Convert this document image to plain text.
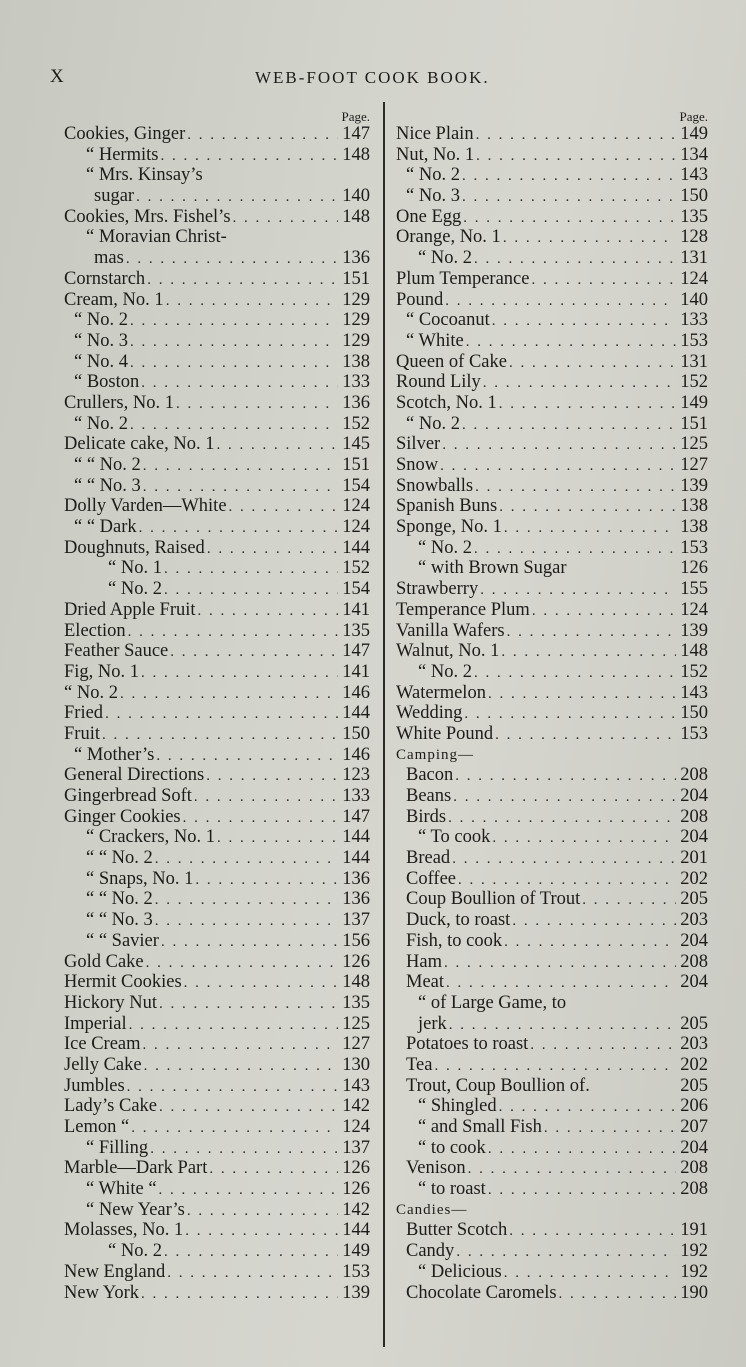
X	WEB-FOOT COOK BOOK.
Page.
Cookies, Ginger . . .	147
“ Hermits . . .	148
“ Mrs. Kinsay’s
sugar . . .	140
Cookies, Mrs. Fishel’s . . .	148
“ Moravian Christ-
mas . . .	136
Cornstarch . . .	151
Cream, No. 1 . . .	129
“ No. 2 . . .	129
“ No. 3 . . .	129
“ No. 4 . . .	138
“ Boston . . .	133
Crullers, No. 1 . . .	136
“ No. 2 . . .	152
Delicate cake, No. 1 . . .	145
“ “ No. 2 . . .	151
“ “ No. 3 . . .	154
Dolly Varden—White . . .	124
“ “ Dark . . .	124
Doughnuts, Raised . . .	144
“ No. 1 . . .	152
“ No. 2 . . .	154
Dried Apple Fruit . . .	141
Election . . .	135
Feather Sauce . . .	147
Fig, No. 1 . . .	141
“ No. 2 . . .	146
Fried . . .	144
Fruit . . .	150
“ Mother’s . . .	146
General Directions . . .	123
Gingerbread Soft . . .	133
Ginger Cookies . . .	147
“ Crackers, No. 1 . . .	144
“ “ No. 2 . . .	144
“ Snaps, No. 1 . . .	136
“ “ No. 2 . . .	136
“ “ No. 3 . . .	137
“ “ Savier . . .	156
Gold Cake . . .	126
Hermit Cookies . . .	148
Hickory Nut . . .	135
Imperial . . .	125
Ice Cream . . .	127
Jelly Cake . . .	130
Jumbles . . .	143
Lady’s Cake . . .	142
Lemon “ . . .	124
“ Filling . . .	137
Marble—Dark Part . . .	126
“ White “ . . .	126
“ New Year’s . . .	142
Molasses, No. 1 . . .	144
“ No. 2 . . .	149
New England . . .	153
New York . . .	139
Page.
Nice Plain . . .	149
Nut, No. 1 . . .	134
“ No. 2 . . .	143
“ No. 3 . . .	150
One Egg . . .	135
Orange, No. 1 . . .	128
“ No. 2 . . .	131
Plum Temperance . . .	124
Pound . . .	140
“ Cocoanut . . .	133
“ White . . .	153
Queen of Cake . . .	131
Round Lily . . .	152
Scotch, No. 1 . . .	149
“ No. 2 . . .	151
Silver . . .	125
Snow . . .	127
Snowballs . . .	139
Spanish Buns . . .	138
Sponge, No. 1 . . .	138
“ No. 2 . . .	153
“ with Brown Sugar	126
Strawberry . . .	155
Temperance Plum . . .	124
Vanilla Wafers . . .	139
Walnut, No. 1 . . .	148
“ No. 2 . . .	152
Watermelon . . .	143
Wedding . . .	150
White Pound . . .	153
Camping—
Bacon . . .	208
Beans . . .	204
Birds . . .	208
“ To cook . . .	204
Bread . . .	201
Coffee . . .	202
Coup Boullion of Trout . . .	205
Duck, to roast . . .	203
Fish, to cook . . .	204
Ham . . .	208
Meat . . .	204
“ of Large Game, to
jerk . . .	205
Potatoes to roast . . .	203
Tea . . .	202
Trout, Coup Boullion of.	205
“ Shingled . . .	206
“ and Small Fish . . .	207
“ to cook . . .	204
Venison . . .	208
“ to roast . . .	208
Candies—
Butter Scotch . . .	191
Candy . . .	192
“ Delicious . . .	192
Chocolate Caromels . . .	190
